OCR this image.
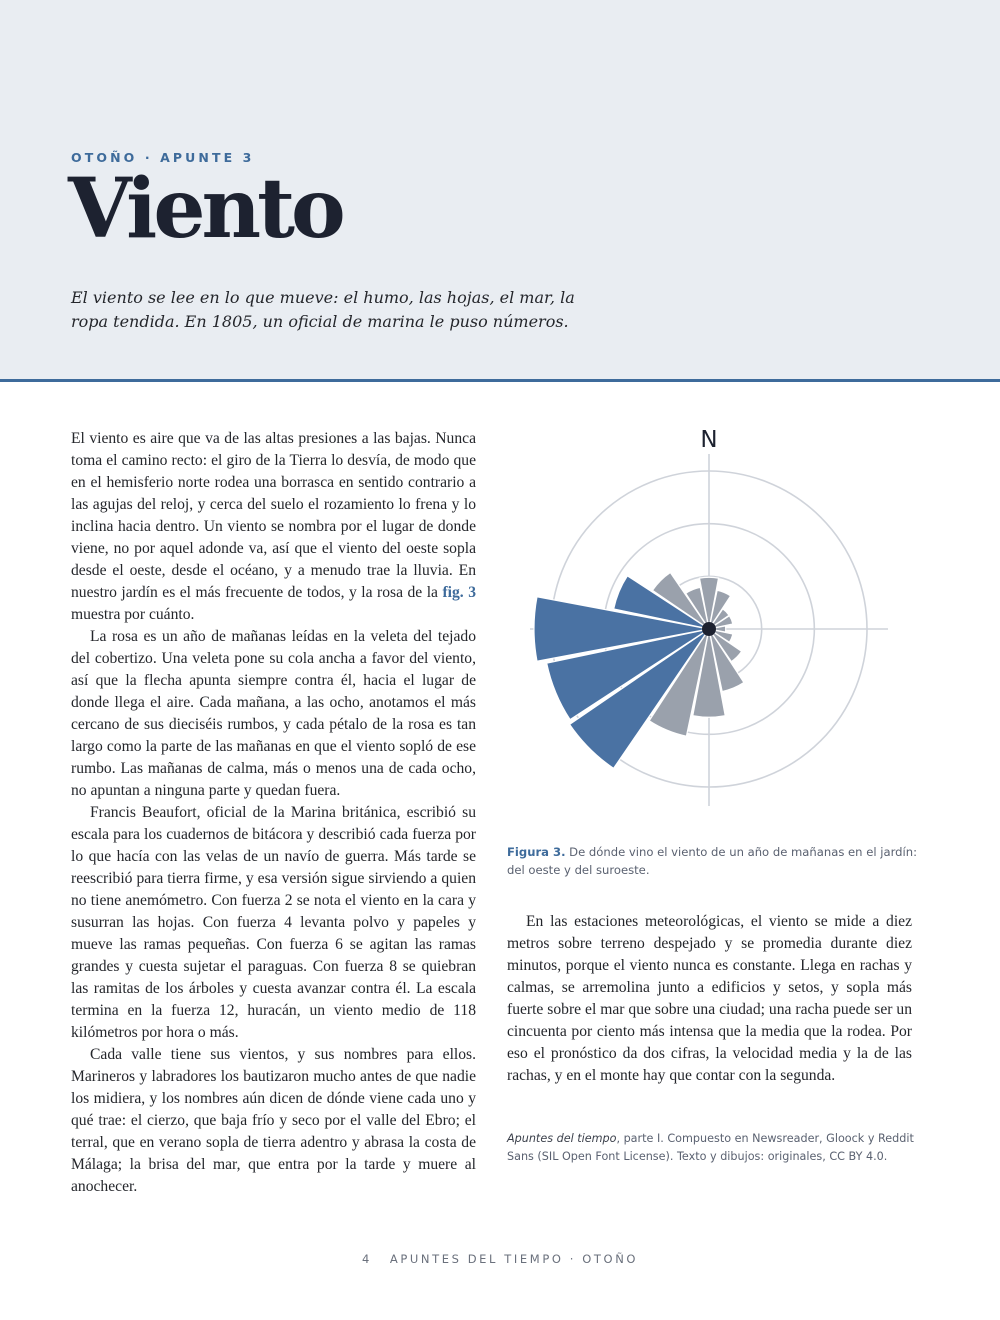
OTOÑO · APUNTE 3
Viento
El viento se lee en lo que mueve: el humo, las hojas, el mar, la ropa tendida. En 1805, un oficial de marina le puso números.

El viento es aire que va de las altas presiones a las bajas. Nunca toma el camino recto: el giro de la Tierra lo desvía, de modo que en el hemisferio norte rodea una borrasca en sentido contrario a las agujas del reloj, y cerca del suelo el rozamiento lo frena y lo inclina hacia dentro. Un viento se nombra por el lugar de donde viene, no por aquel adonde va, así que el viento del oeste sopla desde el oeste, desde el océano, y a menudo trae la lluvia. En nuestro jardín es el más frecuente de todos, y la rosa de la fig. 3 muestra por cuánto.

La rosa es un año de mañanas leídas en la veleta del tejado del cobertizo. Una veleta pone su cola ancha a favor del viento, así que la flecha apunta siempre contra él, hacia el lugar de donde llega el aire. Cada mañana, a las ocho, anotamos el más cercano de sus dieciséis rumbos, y cada pétalo de la rosa es tan largo como la parte de las mañanas en que el viento sopló de ese rumbo. Las mañanas de calma, más o menos una de cada ocho, no apuntan a ninguna parte y quedan fuera.

Francis Beaufort, oficial de la Marina británica, escribió su escala para los cuadernos de bitácora y describió cada fuerza por lo que hacía con las velas de un navío de guerra. Más tarde se reescribió para tierra firme, y esa versión sigue sirviendo a quien no tiene anemómetro. Con fuerza 2 se nota el viento en la cara y susurran las hojas. Con fuerza 4 levanta polvo y papeles y mueve las ramas pequeñas. Con fuerza 6 se agitan las ramas grandes y cuesta sujetar el paraguas. Con fuerza 8 se quiebran las ramitas de los árboles y cuesta avanzar contra él. La escala termina en la fuerza 12, huracán, un viento medio de 118 kilómetros por hora o más.

Cada valle tiene sus vientos, y sus nombres para ellos. Marineros y labradores los bautizaron mucho antes de que nadie los midiera, y los nombres aún dicen de dónde viene cada uno y qué trae: el cierzo, que baja frío y seco por el valle del Ebro; el terral, que en verano sopla de tierra adentro y abrasa la costa de Málaga; la brisa del mar, que entra por la tarde y muere al anochecer.

N
Figura 3. De dónde vino el viento de un año de mañanas en el jardín: del oeste y del suroeste.

En las estaciones meteorológicas, el viento se mide a diez metros sobre terreno despejado y se promedia durante diez minutos, porque el viento nunca es constante. Llega en rachas y calmas, se arremolina junto a edificios y setos, y sopla más fuerte sobre el mar que sobre una ciudad; una racha puede ser un cincuenta por ciento más intensa que la media que la rodea. Por eso el pronóstico da dos cifras, la velocidad media y la de las rachas, y en el monte hay que contar con la segunda.

Apuntes del tiempo, parte I. Compuesto en Newsreader, Gloock y Reddit Sans (SIL Open Font License). Texto y dibujos: originales, CC BY 4.0.
4 APUNTES DEL TIEMPO · OTOÑO
